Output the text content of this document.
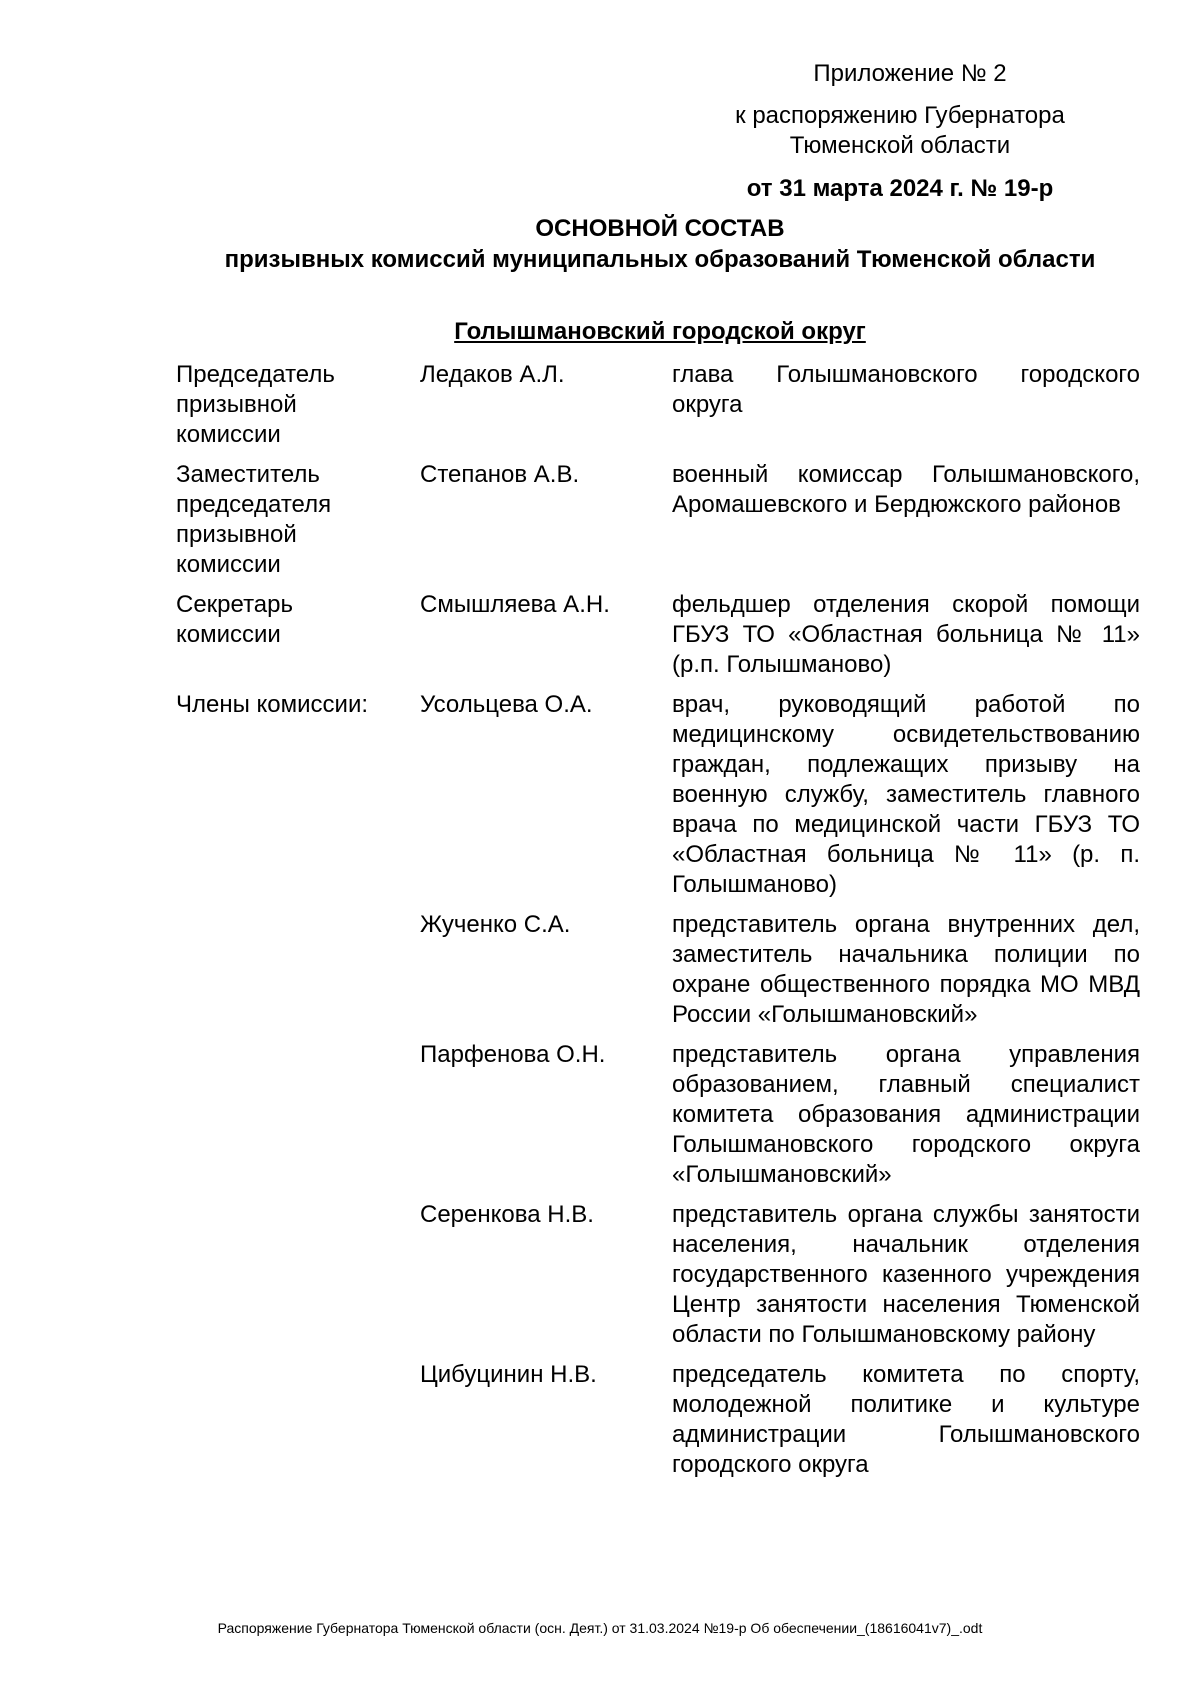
Приложение № 2
к распоряжению Губернатора
Тюменской области
от 31 марта 2024 г. № 19-р
ОСНОВНОЙ СОСТАВ
призывных комиссий муниципальных образований Тюменской области
Голышмановский городской округ
Председатель призывной комиссии	Ледаков А.Л.	глава Голышмановского городского округа
Заместитель председателя призывной комиссии	Степанов А.В.	военный комиссар Голышмановского, Аромашевского и Бердюжского районов
Секретарь комиссии	Смышляева А.Н.	фельдшер отделения скорой помощи ГБУЗ ТО «Областная больница № 11» (р.п. Голышманово)
Члены комиссии:	Усольцева О.А.	врач, руководящий работой по медицинскому освидетельствованию граждан, подлежащих призыву на военную службу, заместитель главного врача по медицинской части ГБУЗ ТО «Областная больница № 11» (р. п. Голышманово)
	Жученко С.А.	представитель органа внутренних дел, заместитель начальника полиции по охране общественного порядка МО МВД России «Голышмановский»
	Парфенова О.Н.	представитель органа управления образованием, главный специалист комитета образования администрации Голышмановского городского округа «Голышмановский»
	Серенкова Н.В.	представитель органа службы занятости населения, начальник отделения государственного казенного учреждения Центр занятости населения Тюменской области по Голышмановскому району
	Цибуцинин Н.В.	председатель комитета по спорту, молодежной политике и культуре администрации Голышмановского городского округа
Распоряжение Губернатора Тюменской области (осн. Деят.) от 31.03.2024 №19-р Об обеспечении_(18616041v7)_.odt
